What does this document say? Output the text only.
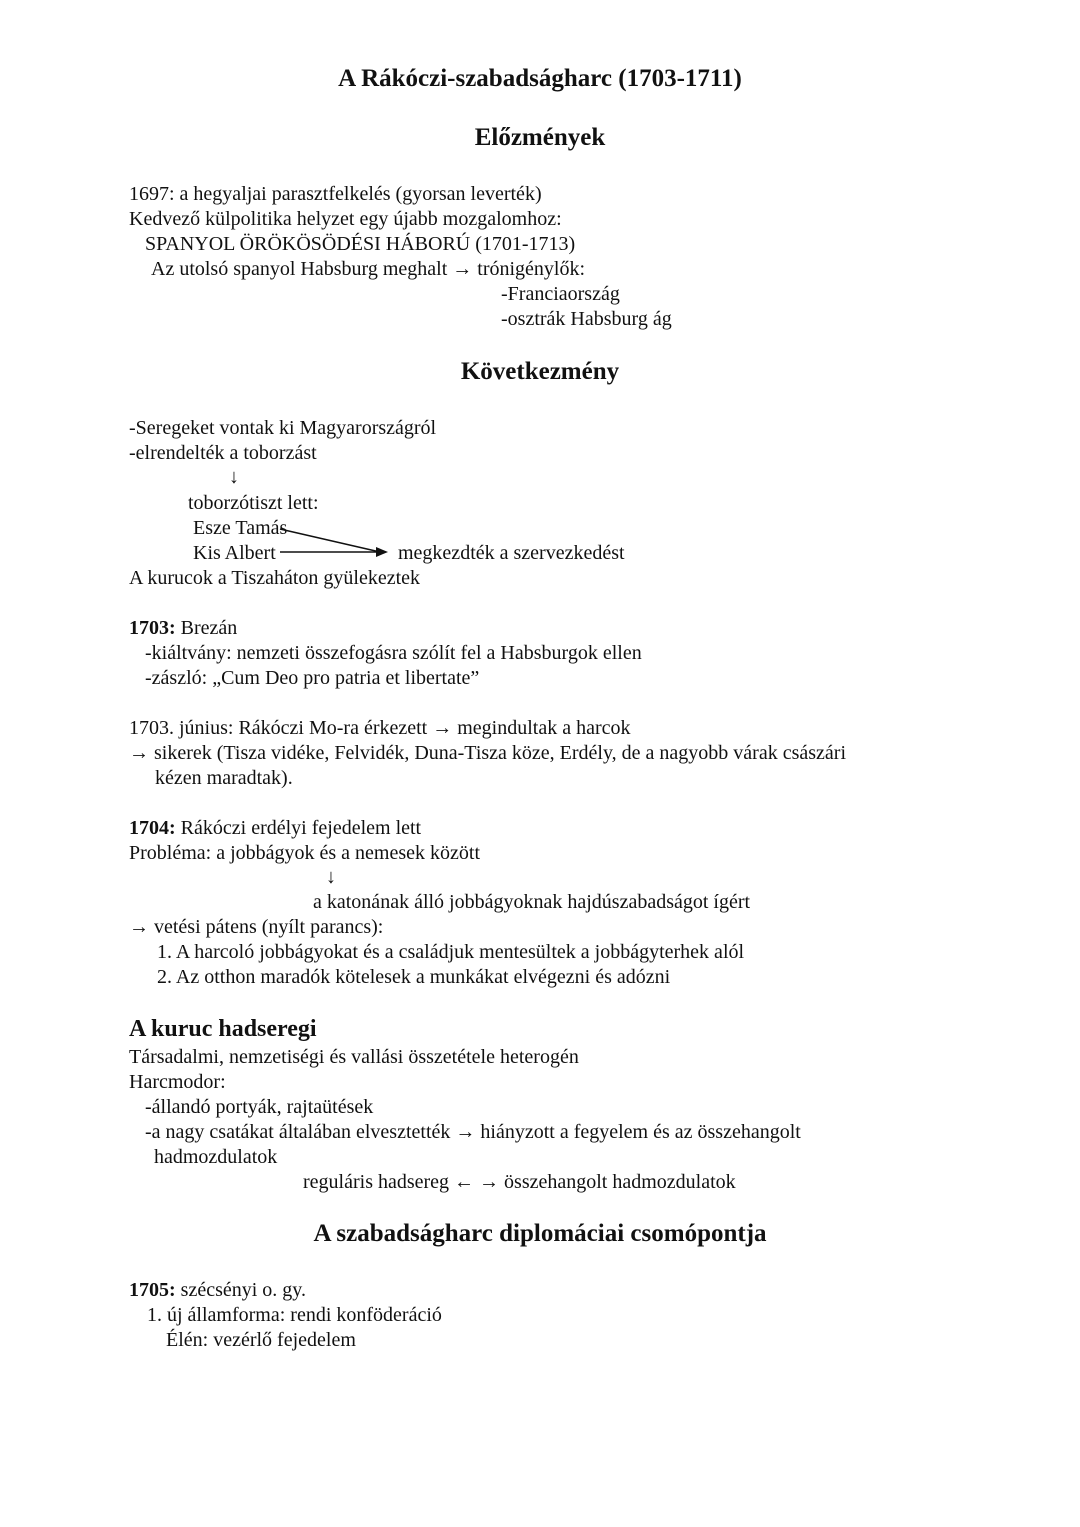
A Rákóczi-szabadságharc (1703-1711)
Előzmények
1697: a hegyaljai parasztfelkelés (gyorsan leverték)
Kedvező külpolitika helyzet egy újabb mozgalomhoz:
SPANYOL ÖRÖKÖSÖDÉSI HÁBORÚ (1701-1713)
Az utolsó spanyol Habsburg meghalt → trónigénylők:
-Franciaország
-osztrák Habsburg ág
Következmény
-Seregeket vontak ki Magyarországról
-elrendelték a toborzást
↓
toborzótiszt lett:
Esze Tamás
Kis Albert	megkezdték a szervezkedést
A kurucok a Tiszaháton gyülekeztek
1703: Brezán
-kiáltvány: nemzeti összefogásra szólít fel a Habsburgok ellen
-zászló: „Cum Deo pro patria et libertate”
1703. június: Rákóczi Mo-ra érkezett → megindultak a harcok
→ sikerek (Tisza vidéke, Felvidék, Duna-Tisza köze, Erdély, de a nagyobb várak császári
kézen maradtak).
1704: Rákóczi erdélyi fejedelem lett
Probléma: a jobbágyok és a nemesek között
↓
a katonának álló jobbágyoknak hajdúszabadságot ígért
→ vetési pátens (nyílt parancs):
1. A harcoló jobbágyokat és a családjuk mentesültek a jobbágyterhek alól
2. Az otthon maradók kötelesek a munkákat elvégezni és adózni
A kuruc hadseregi
Társadalmi, nemzetiségi és vallási összetétele heterogén
Harcmodor:
-állandó portyák, rajtaütések
-a nagy csatákat általában elvesztették → hiányzott a fegyelem és az összehangolt
hadmozdulatok
reguláris hadsereg ← → összehangolt hadmozdulatok
A szabadságharc diplomáciai csomópontja
1705: szécsényi o. gy.
1. új államforma: rendi konföderáció
Élén: vezérlő fejedelem
